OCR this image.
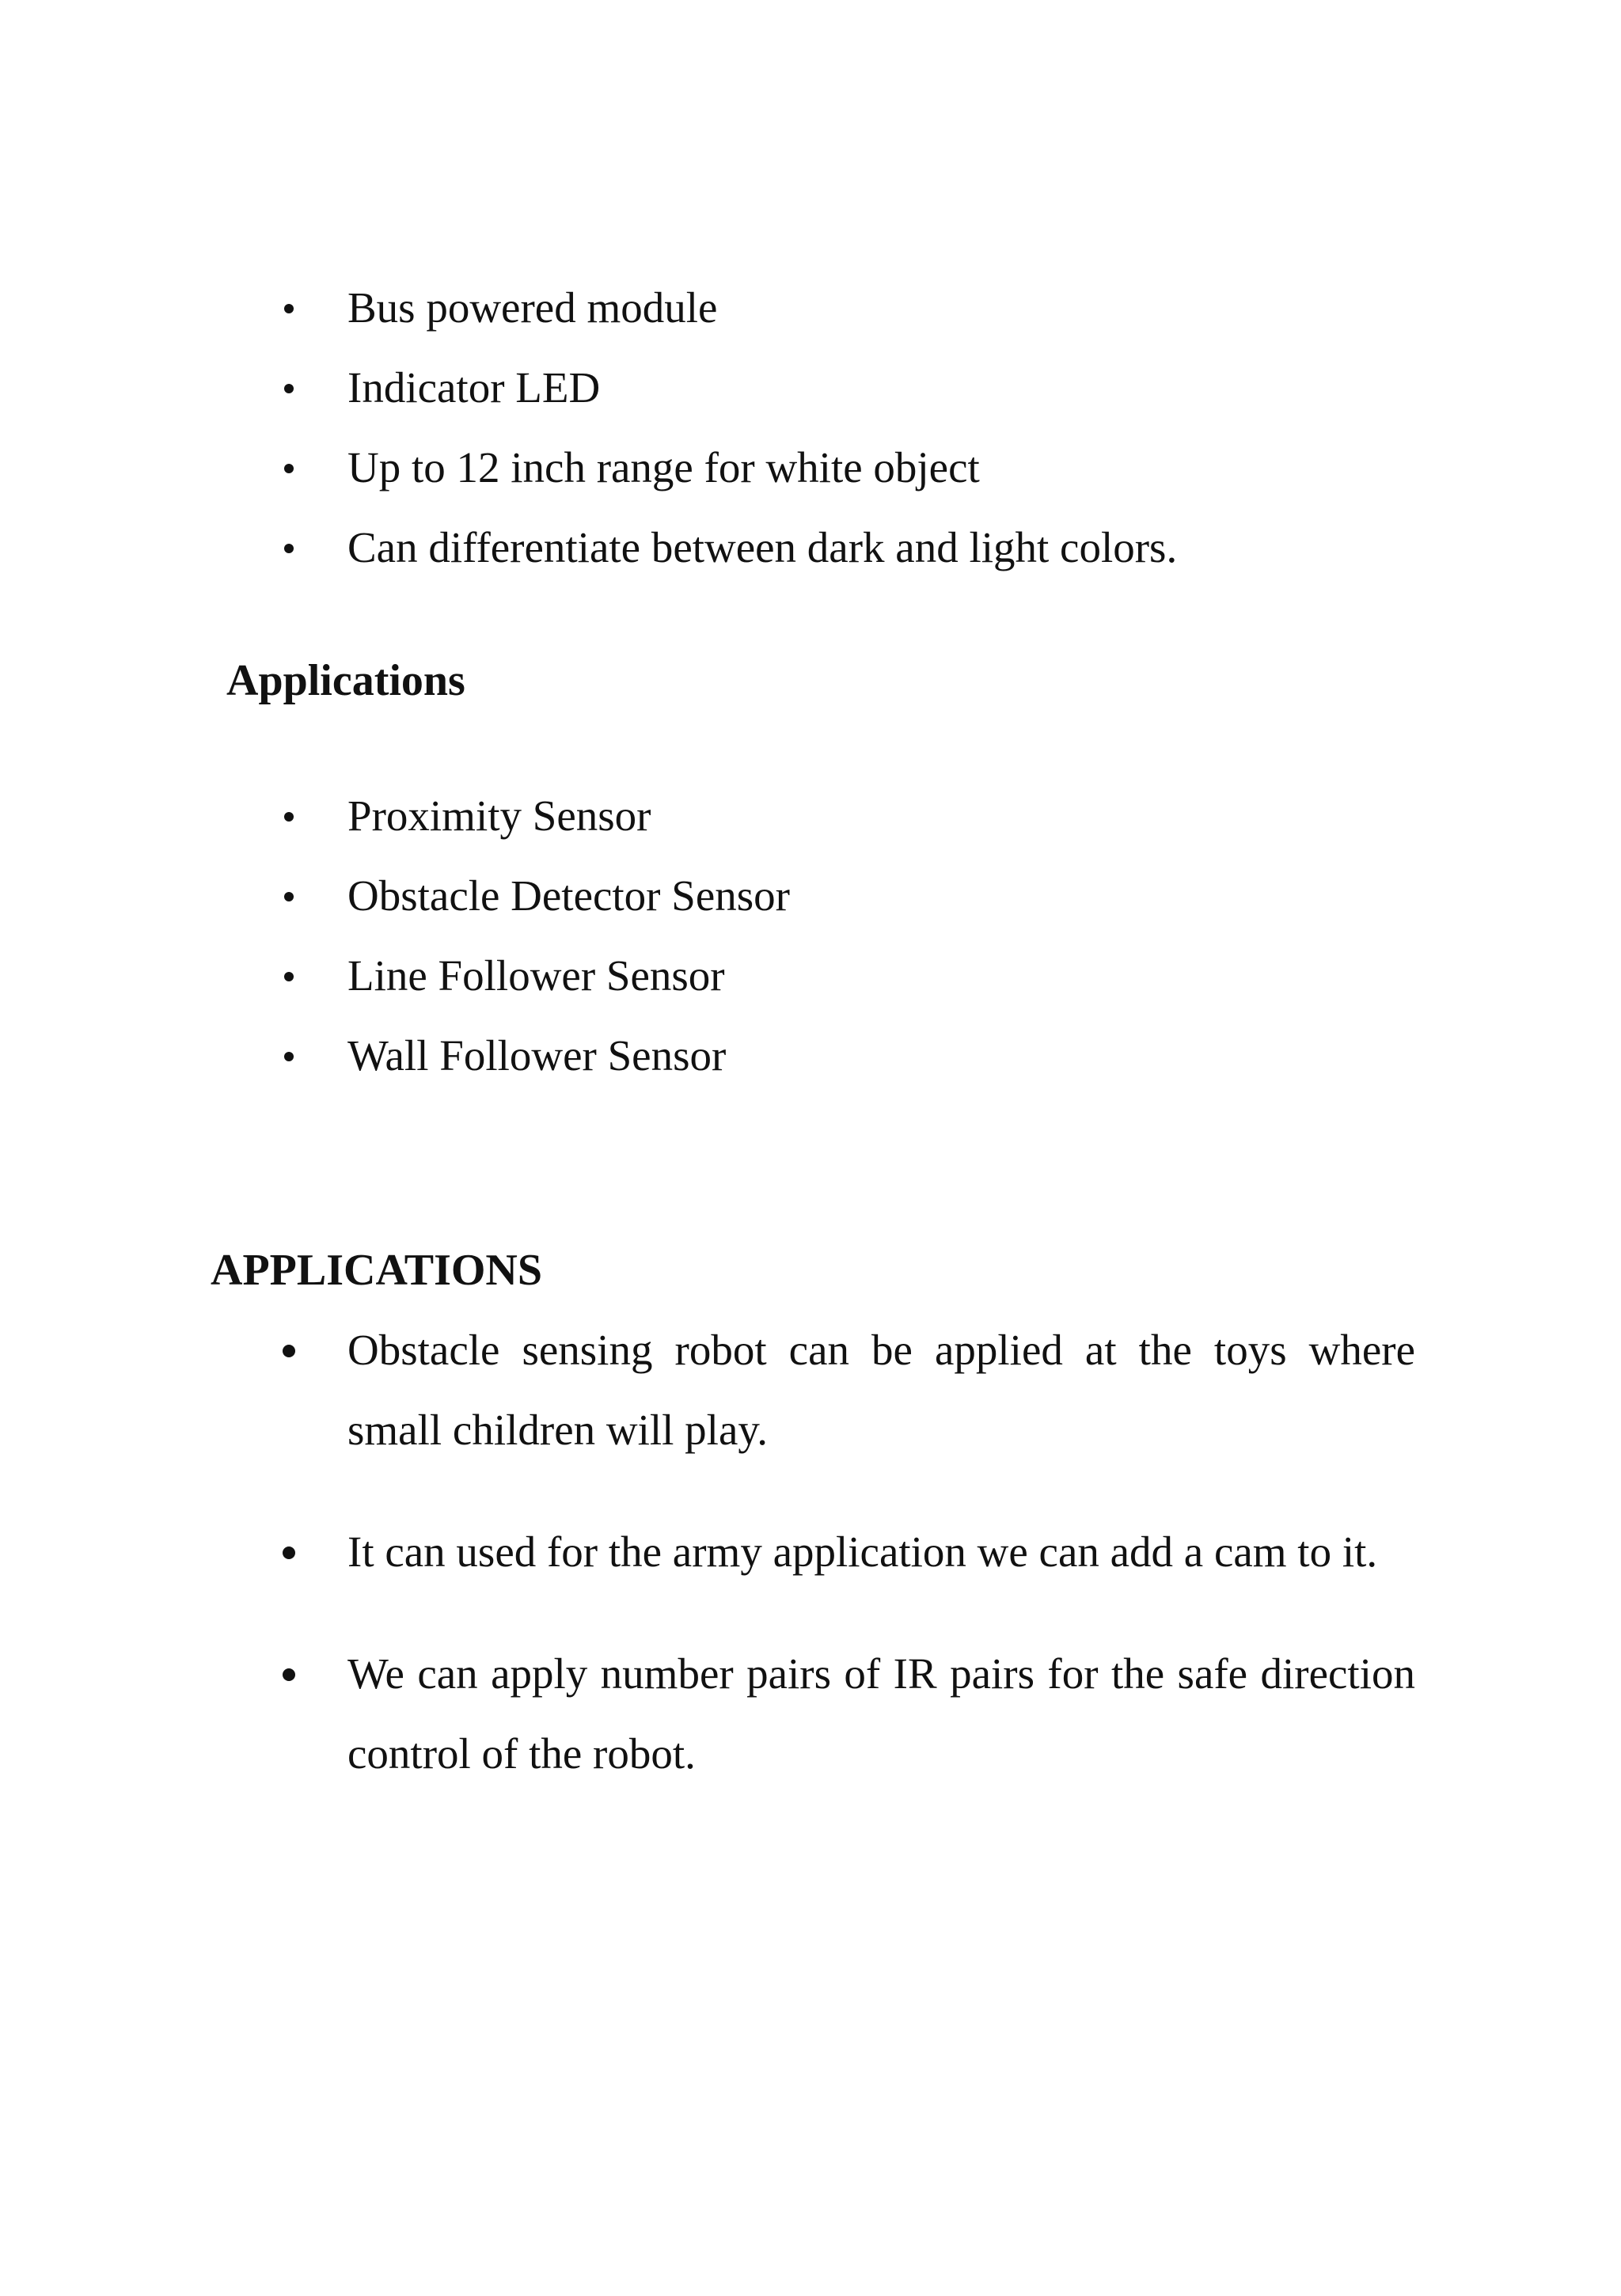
Bus powered module
Indicator LED
Up to 12 inch range for white object
Can differentiate between dark and light colors.
Applications
Proximity Sensor
Obstacle Detector Sensor
Line Follower Sensor
Wall Follower Sensor
APPLICATIONS
Obstacle sensing robot can be applied at the toys where small children will play.
It can used for the army application we can add a cam to it.
We can apply number pairs of IR pairs for the safe direction control of the robot.
